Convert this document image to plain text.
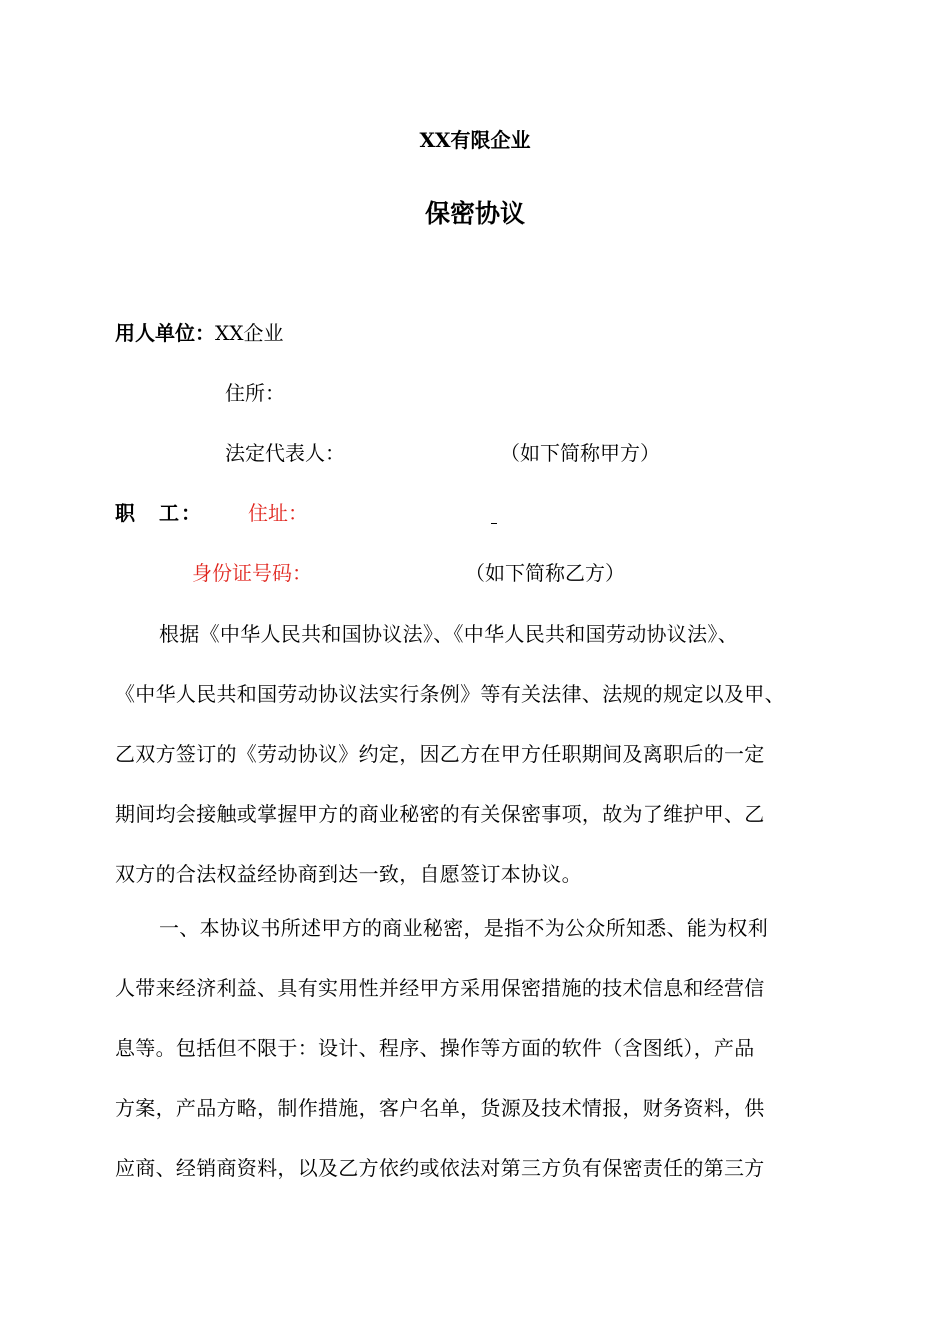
XX有限企业
保密协议
用人单位：XX企业
住所：
法定代表人：	（如下简称甲方）
职　工： 住址：
身份证号码：	（如下简称乙方）
根据《中华人民共和国协议法》、《中华人民共和国劳动协议法》、
《中华人民共和国劳动协议法实行条例》等有关法律、法规的规定以及甲、
乙双方签订的《劳动协议》约定，因乙方在甲方任职期间及离职后的一定
期间均会接触或掌握甲方的商业秘密的有关保密事项，故为了维护甲、乙
双方的合法权益经协商到达一致，自愿签订本协议。
一、本协议书所述甲方的商业秘密，是指不为公众所知悉、能为权利
人带来经济利益、具有实用性并经甲方采用保密措施的技术信息和经营信
息等。包括但不限于：设计、程序、操作等方面的软件（含图纸），产品
方案，产品方略，制作措施，客户名单，货源及技术情报，财务资料，供
应商、经销商资料，以及乙方依约或依法对第三方负有保密责任的第三方
